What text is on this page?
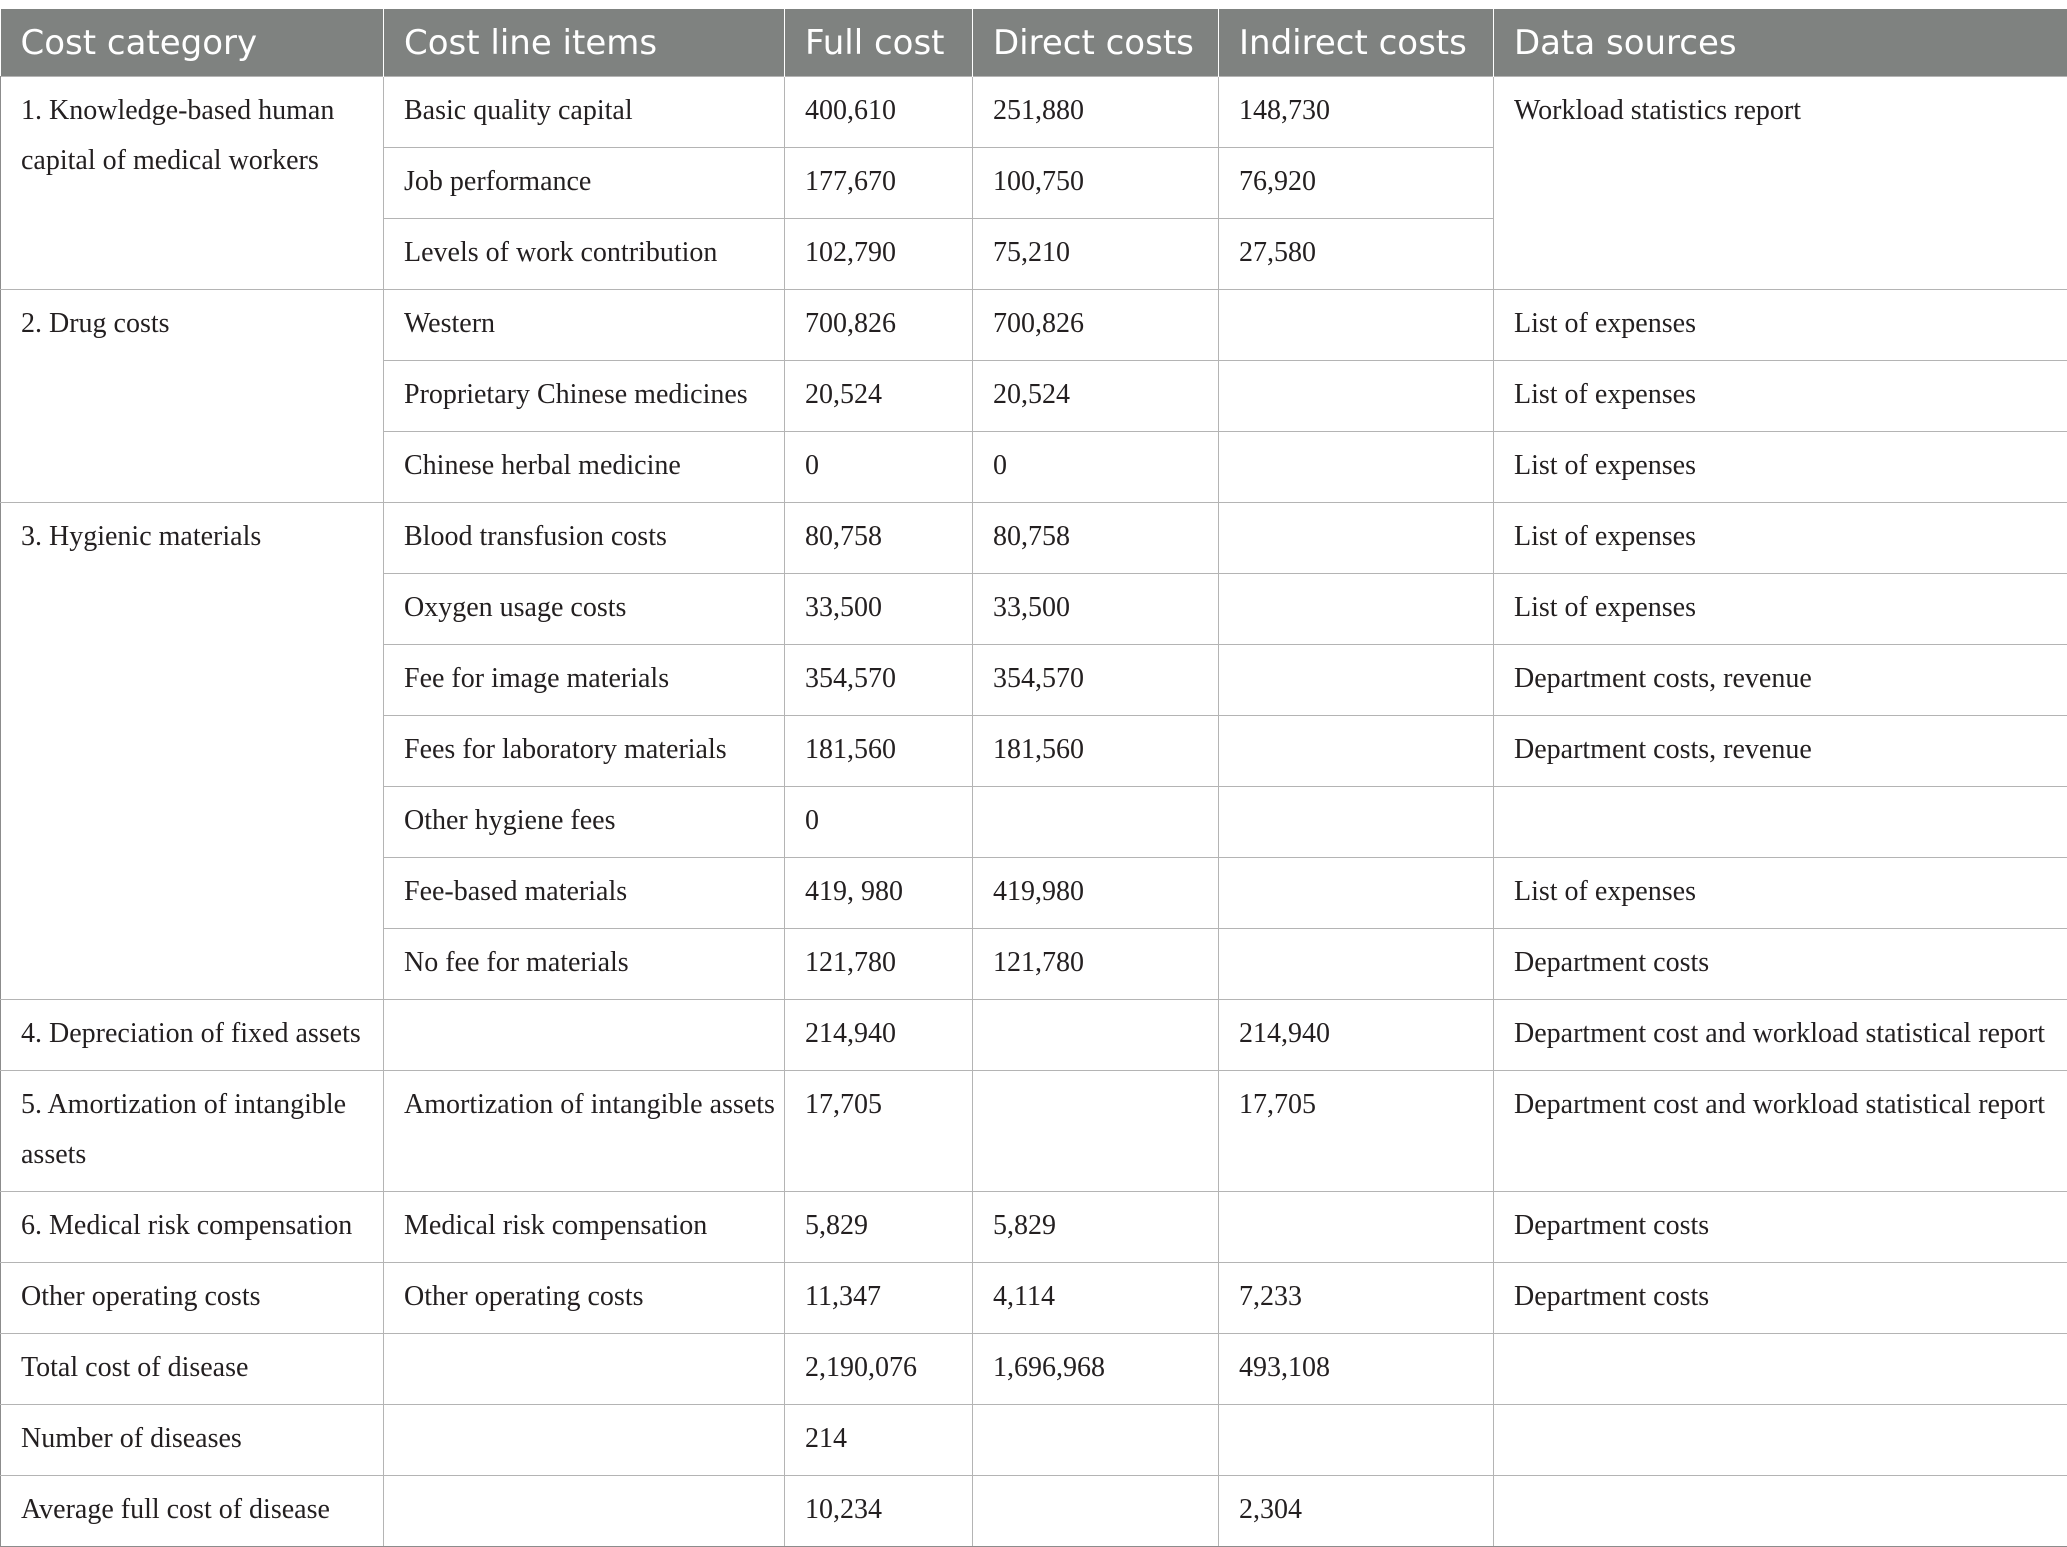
Cost category	Cost line items	Full cost	Direct costs	Indirect costs	Data sources
1. Knowledge-based human capital of medical workers	Basic quality capital	400,610	251,880	148,730	Workload statistics report
	Job performance	177,670	100,750	76,920	
	Levels of work contribution	102,790	75,210	27,580	
2. Drug costs	Western	700,826	700,826		List of expenses
	Proprietary Chinese medicines	20,524	20,524		List of expenses
	Chinese herbal medicine	0	0		List of expenses
3. Hygienic materials	Blood transfusion costs	80,758	80,758		List of expenses
	Oxygen usage costs	33,500	33,500		List of expenses
	Fee for image materials	354,570	354,570		Department costs, revenue
	Fees for laboratory materials	181,560	181,560		Department costs, revenue
	Other hygiene fees	0			
	Fee-based materials	419, 980	419,980		List of expenses
	No fee for materials	121,780	121,780		Department costs
4. Depreciation of fixed assets		214,940		214,940	Department cost and workload statistical report
5. Amortization of intangible assets	Amortization of intangible assets	17,705		17,705	Department cost and workload statistical report
6. Medical risk compensation	Medical risk compensation	5,829	5,829		Department costs
Other operating costs	Other operating costs	11,347	4,114	7,233	Department costs
Total cost of disease		2,190,076	1,696,968	493,108	
Number of diseases		214			
Average full cost of disease		10,234		2,304	
